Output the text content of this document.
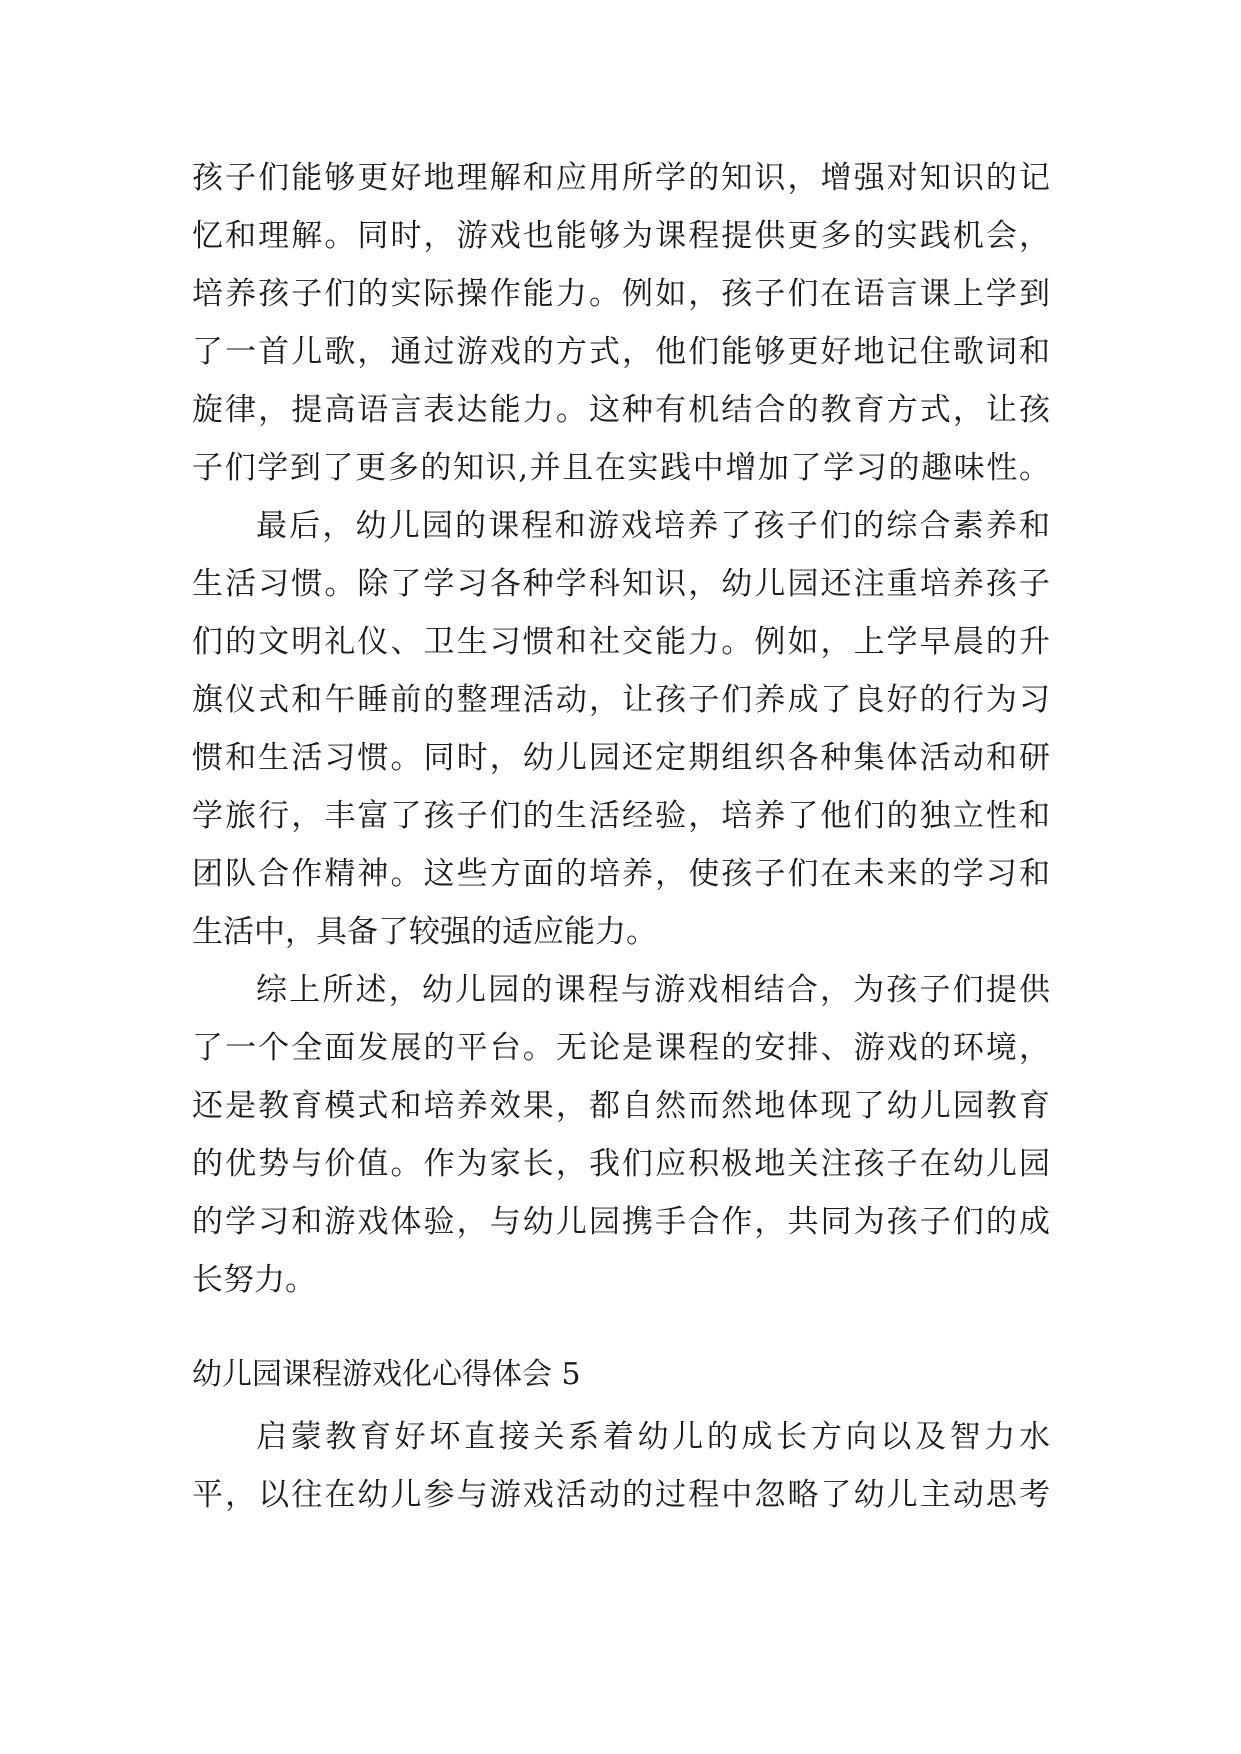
孩子们能够更好地理解和应用所学的知识，增强对知识的记
忆和理解。同时，游戏也能够为课程提供更多的实践机会，
培养孩子们的实际操作能力。例如，孩子们在语言课上学到
了一首儿歌，通过游戏的方式，他们能够更好地记住歌词和
旋律，提高语言表达能力。这种有机结合的教育方式，让孩
子们学到了更多的知识,并且在实践中增加了学习的趣味性。
最后，幼儿园的课程和游戏培养了孩子们的综合素养和
生活习惯。除了学习各种学科知识，幼儿园还注重培养孩子
们的文明礼仪、卫生习惯和社交能力。例如，上学早晨的升
旗仪式和午睡前的整理活动，让孩子们养成了良好的行为习
惯和生活习惯。同时，幼儿园还定期组织各种集体活动和研
学旅行，丰富了孩子们的生活经验，培养了他们的独立性和
团队合作精神。这些方面的培养，使孩子们在未来的学习和
生活中，具备了较强的适应能力。
综上所述，幼儿园的课程与游戏相结合，为孩子们提供
了一个全面发展的平台。无论是课程的安排、游戏的环境，
还是教育模式和培养效果，都自然而然地体现了幼儿园教育
的优势与价值。作为家长，我们应积极地关注孩子在幼儿园
的学习和游戏体验，与幼儿园携手合作，共同为孩子们的成
长努力。
幼儿园课程游戏化心得体会 5
启蒙教育好坏直接关系着幼儿的成长方向以及智力水
平，以往在幼儿参与游戏活动的过程中忽略了幼儿主动思考
